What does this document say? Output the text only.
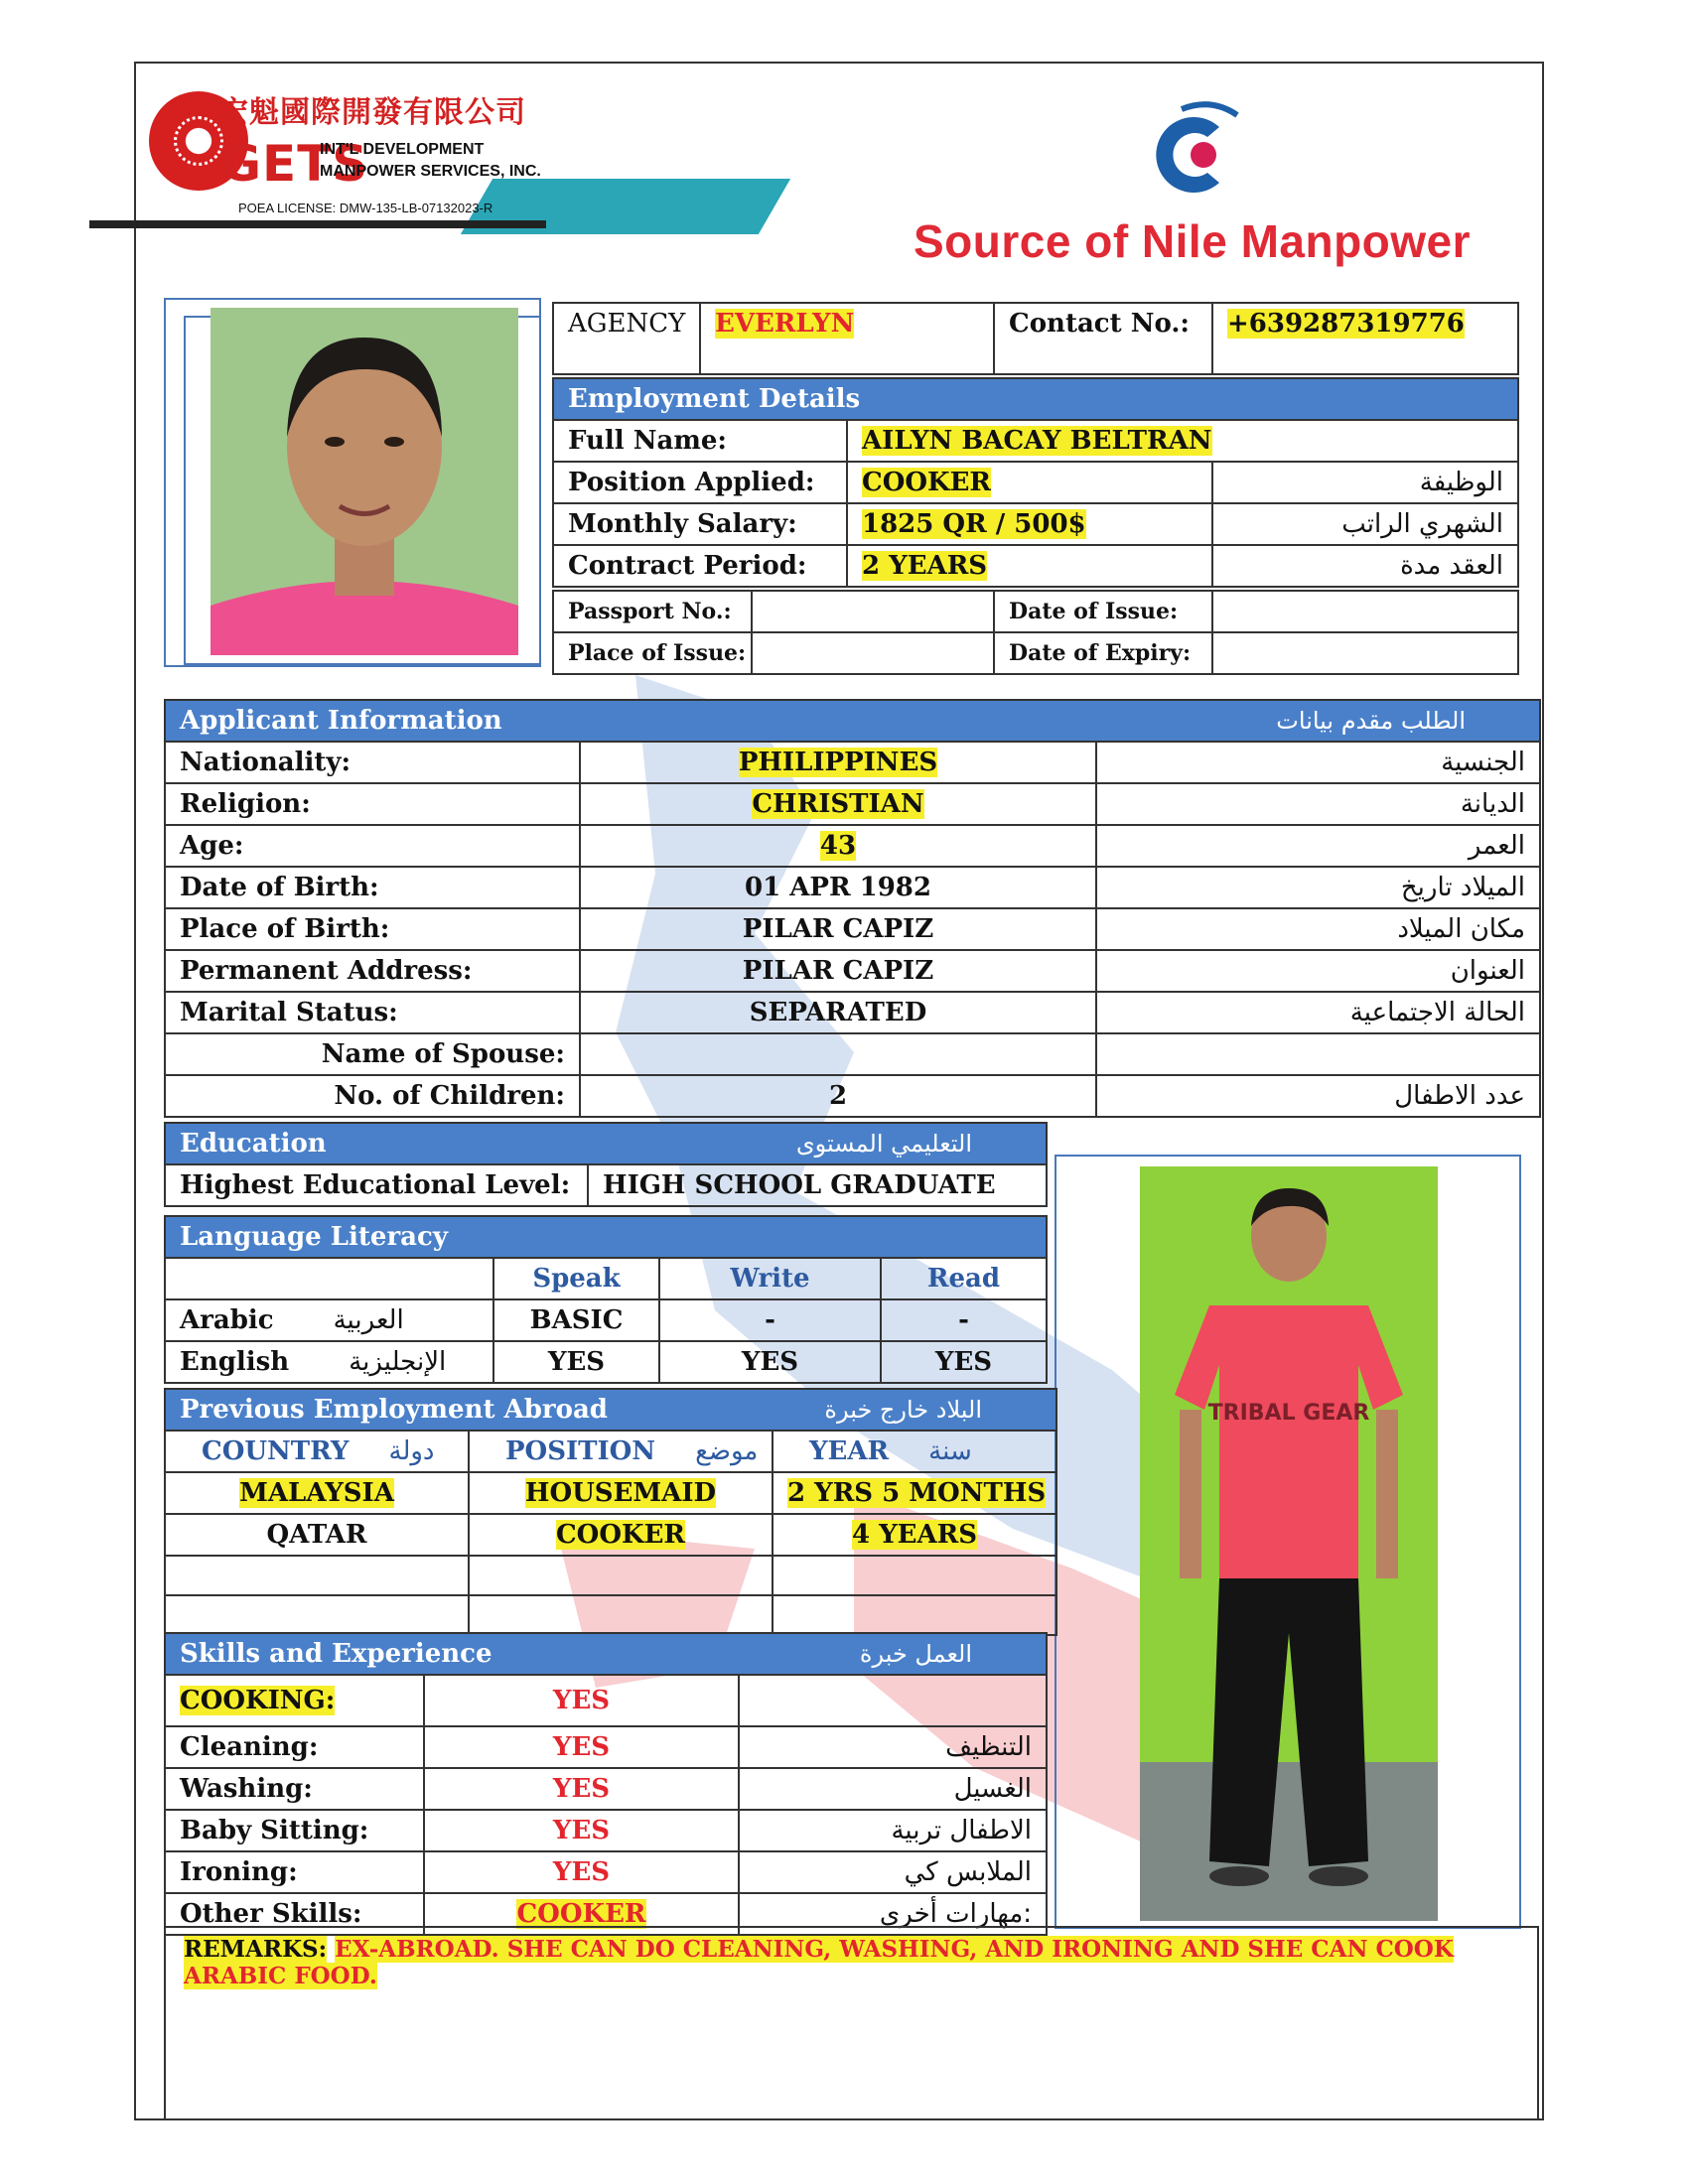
宏魁國際開發有限公司
GETS
INT'L DEVELOPMENT
MANPOWER SERVICES, INC.
POEA LICENSE: DMW-135-LB-07132023-R
Source of Nile Manpower
TRIBAL GEAR
AGENCY	EVERLYN	Contact No.:	+639287319776
Employment Details		
Full Name:	AILYN BACAY BELTRAN	
Position Applied:	COOKER	الوظيفة
Monthly Salary:	1825 QR / 500$	الشهري الراتب
Contract Period:	2 YEARS	العقد مدة
Passport No.:		Date of Issue:	
Place of Issue:		Date of Expiry:	
Applicant Information الطلب مقدم بيانات		

Nationality:	PHILIPPINES	الجنسية
Religion:	CHRISTIAN	الديانة
Age:	43	العمر
Date of Birth:	01 APR 1982	الميلاد تاريخ
Place of Birth:	PILAR CAPIZ	مكان الميلاد
Permanent Address:	PILAR CAPIZ	العنوان
Marital Status:	SEPARATED	الحالة الاجتماعية
Name of Spouse:		
No. of Children:	2	عدد الاطفال
Education	التعليمي المستوى

Highest Educational Level:	HIGH SCHOOL GRADUATE
Language Literacy			
	Speak	Write	Read
Arabic العربية	BASIC	-	-
English الإنجليزية	YES	YES	YES
Previous Employment Abroad البلاد خارج خبرة		

COUNTRY دولة	POSITION موضع	YEAR سنة
MALAYSIA	HOUSEMAID	2 YRS 5 MONTHS
QATAR	COOKER	4 YEARS

Skills and Experience العمل خبرة		

COOKING:	YES	
Cleaning:	YES	التنظيف
Washing:	YES	الغسيل
Baby Sitting:	YES	الاطفال تربية
Ironing:	YES	الملابس كي
Other Skills:	COOKER	مهارات أخرى:
REMARKS: EX-ABROAD. SHE CAN DO CLEANING, WASHING, AND IRONING AND SHE CAN COOK ARABIC FOOD.
